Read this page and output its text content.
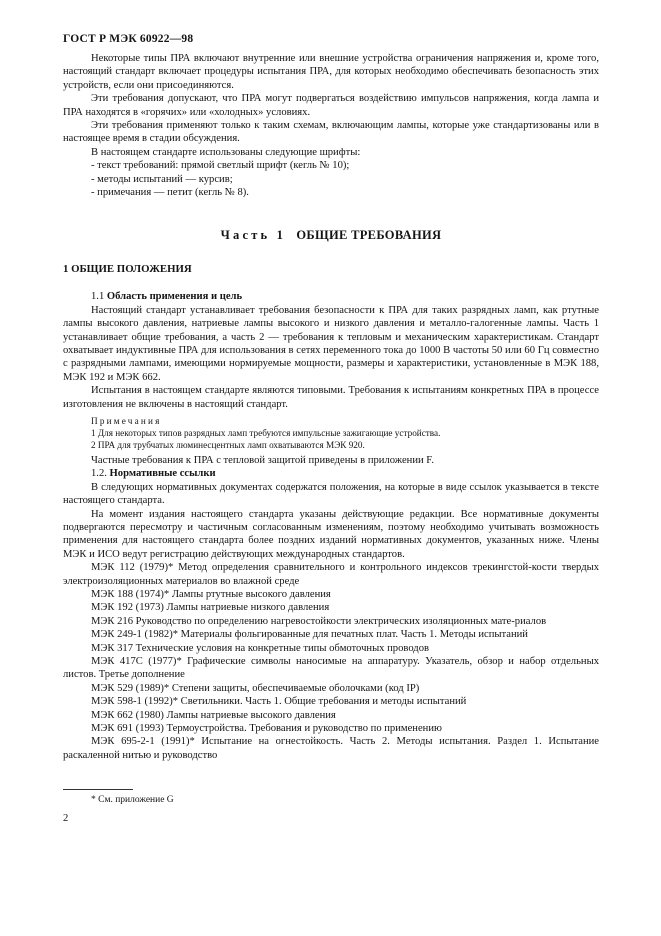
ГОСТ Р МЭК 60922—98

Некоторые типы ПРА включают внутренние или внешние устройства ограничения напряжения и, кроме того, настоящий стандарт включает процедуры испытания ПРА, для которых необходимо обеспечивать безопасность этих устройств, если они присоединяются.

Эти требования допускают, что ПРА могут подвергаться воздействию импульсов напряжения, когда лампа и ПРА находятся в «горячих» или «холодных» условиях.

Эти требования применяют только к таким схемам, включающим лампы, которые уже стандартизованы или в настоящее время в стадии обсуждения.

В настоящем стандарте использованы следующие шрифты:

- текст требований: прямой светлый шрифт (кегль № 10);

- методы испытаний — курсив;

- примечания — петит (кегль № 8).

Часть 1 ОБЩИЕ ТРЕБОВАНИЯ
1 ОБЩИЕ ПОЛОЖЕНИЯ

1.1 Область применения и цель

Настоящий стандарт устанавливает требования безопасности к ПРА для таких разрядных ламп, как ртутные лампы высокого давления, натриевые лампы высокого и низкого давления и металло-галогенные лампы. Часть 1 устанавливает общие требования, а часть 2 — требования к тепловым и механическим характеристикам. Стандарт охватывает индуктивные ПРА для использования в сетях переменного тока до 1000 В частоты 50 или 60 Гц совместно с разрядными лампами, имеющими нормируемые мощности, размеры и характеристики, установленные в МЭК 188, МЭК 192 и МЭК 662.

Испытания в настоящем стандарте являются типовыми. Требования к испытаниям конкретных ПРА в процессе изготовления не включены в настоящий стандарт.

Примечания

1 Для некоторых типов разрядных ламп требуются импульсные зажигающие устройства.

2 ПРА для трубчатых люминесцентных ламп охватываются МЭК 920.

Частные требования к ПРА с тепловой защитой приведены в приложении F.

1.2. Нормативные ссылки

В следующих нормативных документах содержатся положения, на которые в виде ссылок указывается в тексте настоящего стандарта.

На момент издания настоящего стандарта указаны действующие редакции. Все нормативные документы подвергаются пересмотру и частичным согласованным изменениям, поэтому необходимо учитывать возможность применения для настоящего стандарта более поздних изданий нормативных документов, указанных ниже. Члены МЭК и ИСО ведут регистрацию действующих международных стандартов.

МЭК 112 (1979)* Метод определения сравнительного и контрольного индексов трекингстой-кости твердых электроизоляционных материалов во влажной среде

МЭК 188 (1974)* Лампы ртутные высокого давления

МЭК 192 (1973) Лампы натриевые низкого давления

МЭК 216 Руководство по определению нагревостойкости электрических изоляционных мате-риалов

МЭК 249-1 (1982)* Материалы фольгированные для печатных плат. Часть 1. Методы испытаний

МЭК 317 Технические условия на конкретные типы обмоточных проводов

МЭК 417С (1977)* Графические символы наносимые на аппаратуру. Указатель, обзор и набор отдельных листов. Третье дополнение

МЭК 529 (1989)* Степени защиты, обеспечиваемые оболочками (код IP)

МЭК 598-1 (1992)* Светильники. Часть 1. Общие требования и методы испытаний

МЭК 662 (1980) Лампы натриевые высокого давления

МЭК 691 (1993) Термоустройства. Требования и руководство по применению

МЭК 695-2-1 (1991)* Испытание на огнестойкость. Часть 2. Методы испытания. Раздел 1. Испытание раскаленной нитью и руководство

* См. приложение G
2
